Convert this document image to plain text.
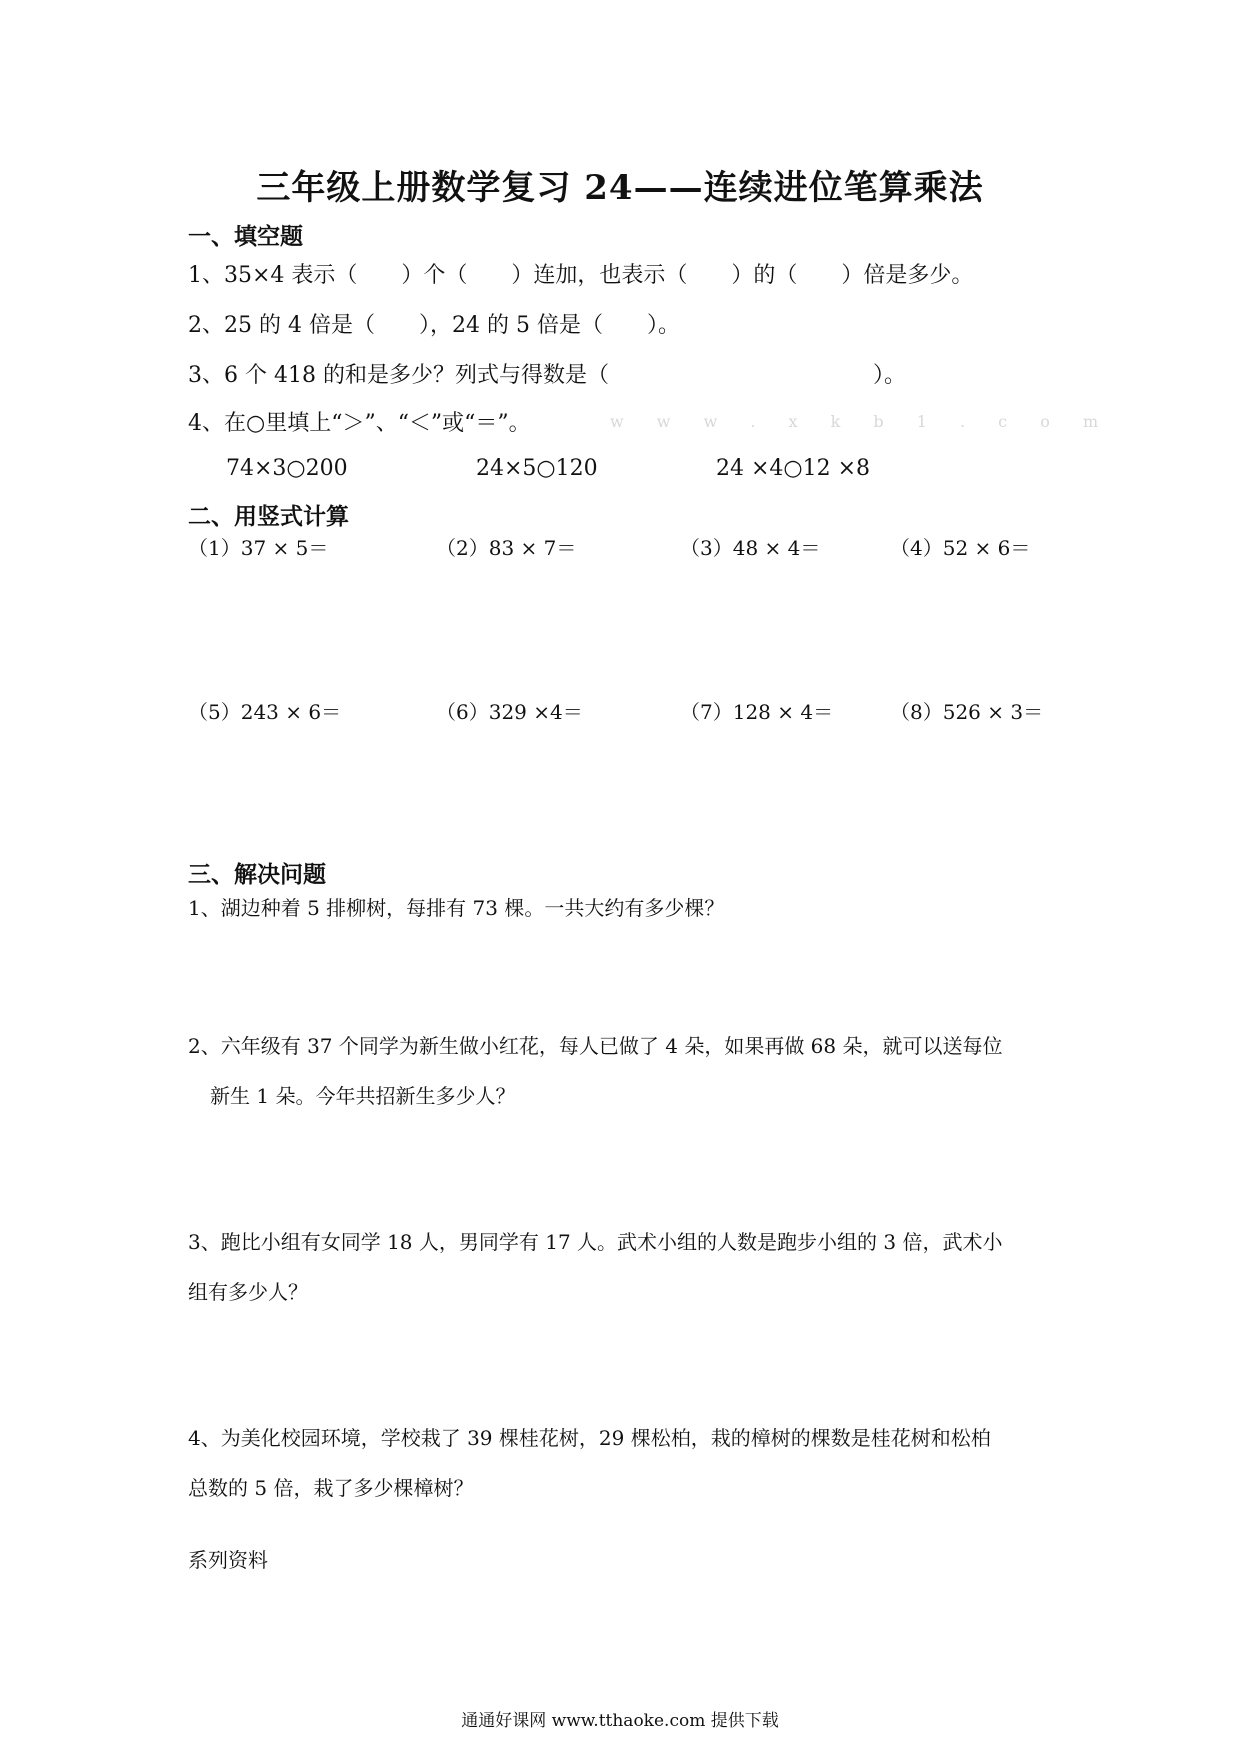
三年级上册数学复习 24——连续进位笔算乘法
一、填空题
1、35×4 表示（　　）个（　　）连加，也表示（　　）的（　　）倍是多少。
2、25 的 4 倍是（　　），24 的 5 倍是（　　）。
3、6 个 418 的和是多少？列式与得数是（　　　　　　　　　　　　）。
4、在○里填上“＞”、“＜”或“＝”。	w w w . x k b 1 . c o m
74×3○200	24×5○120	24 ×4○12 ×8
二、用竖式计算
（1）37 × 5＝	（2）83 × 7＝	（3）48 × 4＝	（4）52 × 6＝
（5）243 × 6＝	（6）329 ×4＝	（7）128 × 4＝	（8）526 × 3＝
三、解决问题
1、湖边种着 5 排柳树，每排有 73 棵。一共大约有多少棵？
2、六年级有 37 个同学为新生做小红花，每人已做了 4 朵，如果再做 68 朵，就可以送每位
新生 1 朵。今年共招新生多少人？
3、跑比小组有女同学 18 人，男同学有 17 人。武术小组的人数是跑步小组的 3 倍，武术小
组有多少人？
4、为美化校园环境，学校栽了 39 棵桂花树，29 棵松柏，栽的樟树的棵数是桂花树和松柏
总数的 5 倍，栽了多少棵樟树？
系列资料
通通好课网 www.tthaoke.com 提供下载
